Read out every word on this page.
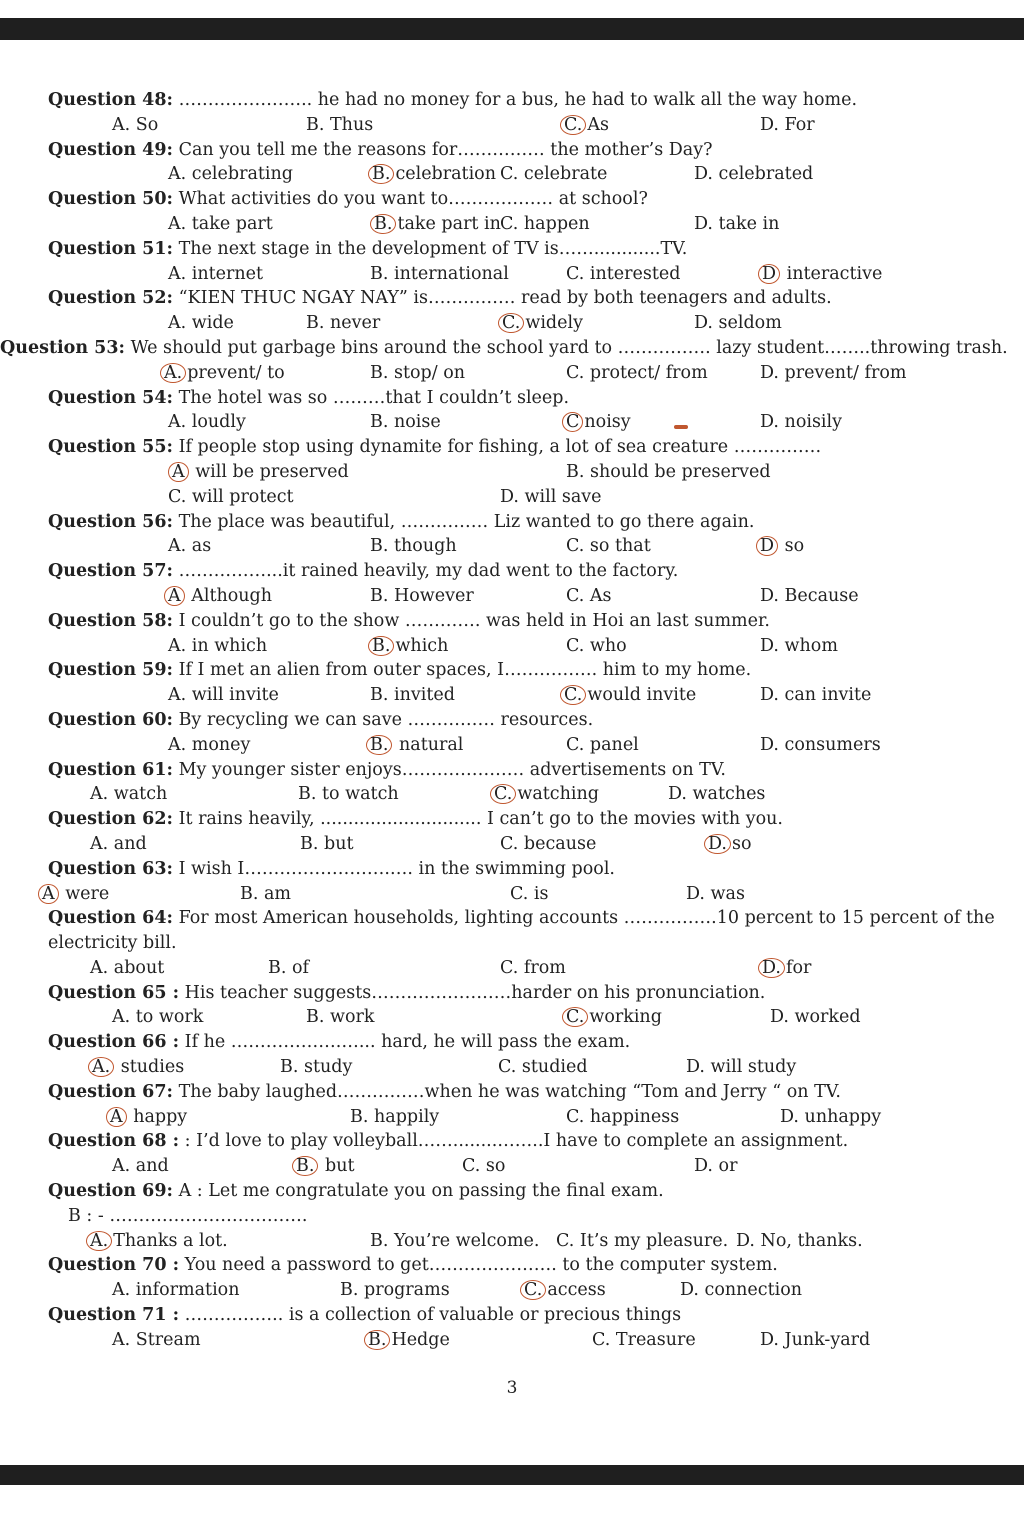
Question 48: ………………….. he had no money for a bus, he had to walk all the way home.
A. So	B. Thus	C. As	D. For
Question 49: Can you tell me the reasons for…………… the mother’s Day?
A. celebrating	B. celebration C. celebrate	D. celebrated
Question 50: What activities do you want to……………… at school?
A. take part	B. take part in C. happen	D. take in
Question 51: The next stage in the development of TV is……............TV.
A. internet	B. international	C. interested	D interactive
Question 52: “KIEN THUC NGAY NAY” is…………… read by both teenagers and adults.
A. wide	B. never	C. widely	D. seldom
Question 53: We should put garbage bins around the school yard to ……………. lazy student……..throwing trash.
A. prevent/ to	B. stop/ on	C. protect/ from	D. prevent/ from
Question 54: The hotel was so ………that I couldn’t sleep.
A. loudly	B. noise	C noisy	D. noisily
Question 55: If people stop using dynamite for fishing, a lot of sea creature ……………
A will be preserved	B. should be preserved
C. will protect	D. will save
Question 56: The place was beautiful, …………… Liz wanted to go there again.
A. as	B. though	C. so that	D so
Question 57: ……………...it rained heavily, my dad went to the factory.
A Although	B. However	C. As	D. Because
Question 58: I couldn’t go to the show …………. was held in Hoi an last summer.
A. in which	B. which	C. who	D. whom
Question 59: If I met an alien from outer spaces, I……………. him to my home.
A. will invite	B. invited	C. would invite	D. can invite
Question 60: By recycling we can save …………… resources.
A. money	B. natural	C. panel	D. consumers
Question 61: My younger sister enjoys………………… advertisements on TV.
A. watch	B. to watch	C. watching	D. watches
Question 62: It rains heavily, ............................. I can’t go to the movies with you.
A. and	B. but	C. because	D. so
Question 63: I wish I…………………….…. in the swimming pool.
A were	B. am	C. is	D. was
Question 64: For most American households, lighting accounts …………….10 percent to 15 percent of the electricity bill.
A. about	B. of	C. from	D. for
Question 65 : His teacher suggests……………………harder on his pronunciation.
A. to work	B. work	C. working	D. worked
Question 66 : If he ……………….…... hard, he will pass the exam.
A. studies	B. study	C. studied	D. will study
Question 67: The baby laughed……………when he was watching “Tom and Jerry “ on TV.
A happy	B. happily	C. happiness	D. unhappy
Question 68 : : I’d love to play volleyball……........……..I have to complete an assignment.
A. and	B. but	C. so	D. or
Question 69: A : Let me congratulate you on passing the final exam.
B : - …………………………….
A. Thanks a lot.	B. You’re welcome. C. It’s my pleasure. D. No, thanks.
Question 70 : You need a password to get…………………. to the computer system.
A. information	B. programs	C. access	D. connection
Question 71 : …………….. is a collection of valuable or precious things
A. Stream	B. Hedge	C. Treasure	D. Junk-yard
3
